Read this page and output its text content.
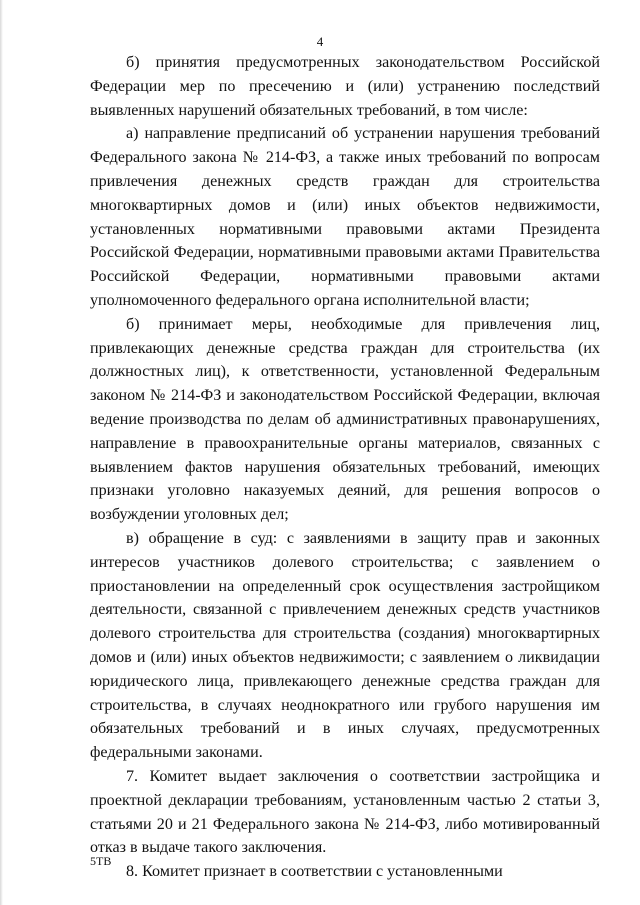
4

б) принятия предусмотренных законодательством Российской Федерации мер по пресечению и (или) устранению последствий выявленных нарушений обязательных требований, в том числе:

а) направление предписаний об устранении нарушения требований Федерального закона № 214-ФЗ, а также иных требований по вопросам привлечения денежных средств граждан для строительства многоквартирных домов и (или) иных объектов недвижимости, установленных нормативными правовыми актами Президента Российской Федерации, нормативными правовыми актами Правительства Российской Федерации, нормативными правовыми актами уполномоченного федерального органа исполнительной власти;

б) принимает меры, необходимые для привлечения лиц, привлекающих денежные средства граждан для строительства (их должностных лиц), к ответственности, установленной Федеральным законом № 214-ФЗ и законодательством Российской Федерации, включая ведение производства по делам об административных правонарушениях, направление в правоохранительные органы материалов, связанных с выявлением фактов нарушения обязательных требований, имеющих признаки уголовно наказуемых деяний, для решения вопросов о возбуждении уголовных дел;

в) обращение в суд: с заявлениями в защиту прав и законных интересов участников долевого строительства; с заявлением о приостановлении на определенный срок осуществления застройщиком деятельности, связанной с привлечением денежных средств участников долевого строительства для строительства (создания) многоквартирных домов и (или) иных объектов недвижимости; с заявлением о ликвидации юридического лица, привлекающего денежные средства граждан для строительства, в случаях неоднократного или грубого нарушения им обязательных требований и в иных случаях, предусмотренных федеральными законами.

7. Комитет выдает заключения о соответствии застройщика и проектной декларации требованиям, установленным частью 2 статьи 3, статьями 20 и 21 Федерального закона № 214-ФЗ, либо мотивированный отказ в выдаче такого заключения.

8. Комитет признает в соответствии с установленными

5ТВ
